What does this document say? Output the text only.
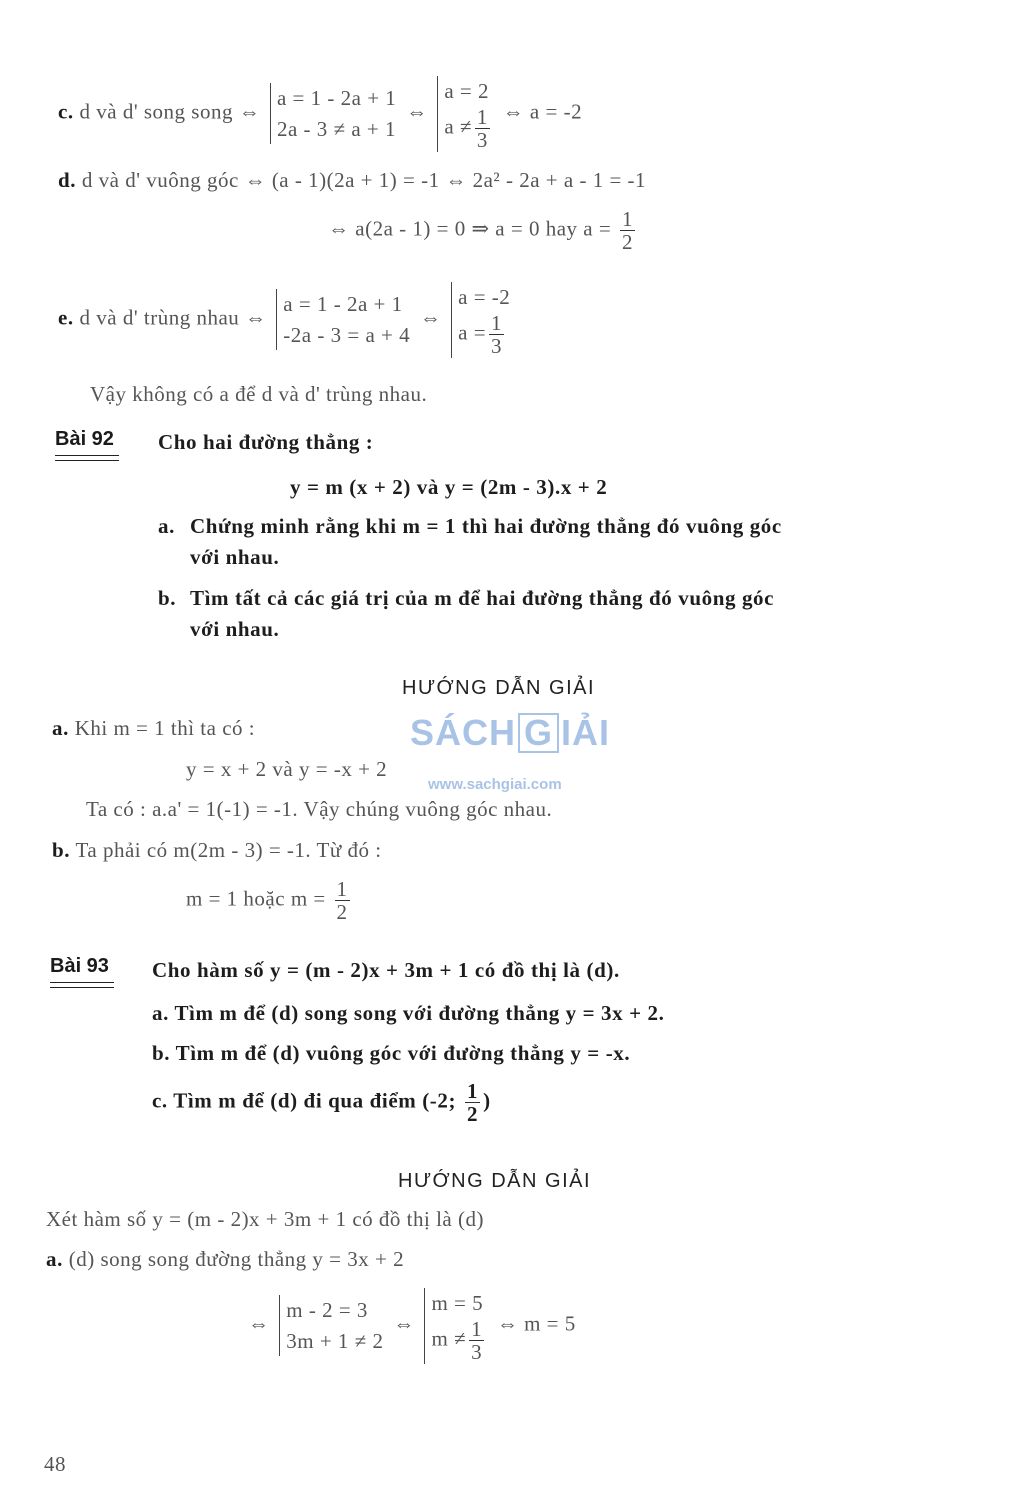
c. d và d' song song ⇔
a = 1 - 2a + 1
2a - 3 ≠ a + 1
⇔
a = 2
$a \ne \frac{1}{3}$ ⇔ a = -2
d. d và d' vuông góc ⇔ (a - 1)(2a + 1) = -1 ⇔ 2a² - 2a + a - 1 = -1
⇔ a(2a - 1) = 0 ⇒ a = 0 hay $a = \frac{1}{2}$
e. d và d' trùng nhau ⇔
a = 1 - 2a + 1
-2a - 3 = a + 4
⇔
a = -2
$a = \frac{1}{3}$
Vậy không có a để d và d' trùng nhau.
Bài 92 Cho hai đường thẳng :
y = m (x + 2) và y = (2m - 3).x + 2
a. Chứng minh rằng khi m = 1 thì hai đường thẳng đó vuông góc
với nhau.
b. Tìm tất cả các giá trị của m để hai đường thẳng đó vuông góc
với nhau.
HƯỚNG DẪN GIẢI
a. Khi m = 1 thì ta có :	SÁCH G IẢI
www.sachgiai.com
y = x + 2 và y = -x + 2
Ta có : a.a' = 1(-1) = -1. Vậy chúng vuông góc nhau.
b. Ta phải có m(2m - 3) = -1. Từ đó :
m = 1 hoặc $m = \frac{1}{2}$
Bài 93 Cho hàm số y = (m - 2)x + 3m + 1 có đồ thị là (d).
a. Tìm m để (d) song song với đường thẳng y = 3x + 2.
b. Tìm m để (d) vuông góc với đường thẳng y = -x.
c. Tìm m để (d) đi qua điểm (-2; $\frac{1}{2}$ )
HƯỚNG DẪN GIẢI
Xét hàm số y = (m - 2)x + 3m + 1 có đồ thị là (d)
a. (d) song song đường thẳng y = 3x + 2
⇔
m - 2 = 3
3m + 1 ≠ 2
⇔
m = 5
$m \ne \frac{1}{3}$ ⇔ m = 5
48
